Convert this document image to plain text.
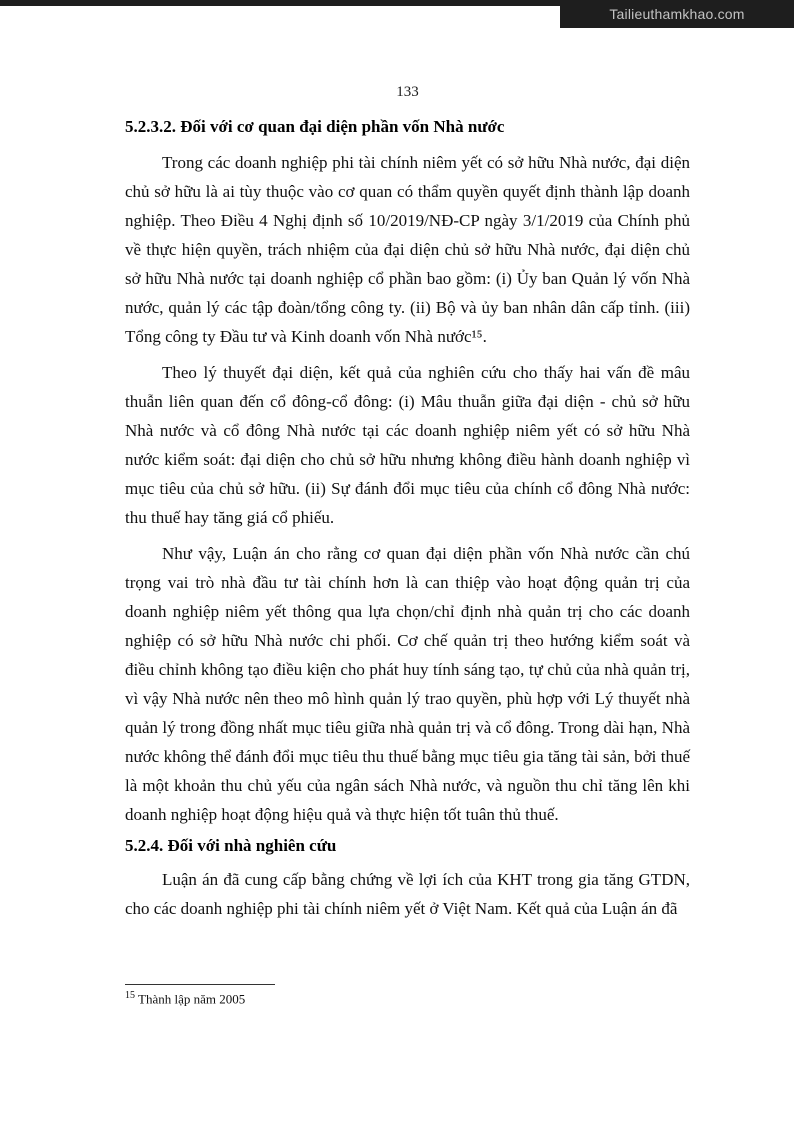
Tailieuthamkhao.com
133
5.2.3.2. Đối với cơ quan đại diện phần vốn Nhà nước

Trong các doanh nghiệp phi tài chính niêm yết có sở hữu Nhà nước, đại diện chủ sở hữu là ai tùy thuộc vào cơ quan có thẩm quyền quyết định thành lập doanh nghiệp. Theo Điều 4 Nghị định số 10/2019/NĐ-CP ngày 3/1/2019 của Chính phủ về thực hiện quyền, trách nhiệm của đại diện chủ sở hữu Nhà nước, đại diện chủ sở hữu Nhà nước tại doanh nghiệp cổ phần bao gồm: (i) Ủy ban Quản lý vốn Nhà nước, quản lý các tập đoàn/tổng công ty. (ii) Bộ và ủy ban nhân dân cấp tỉnh. (iii) Tổng công ty Đầu tư và Kinh doanh vốn Nhà nước¹⁵.

Theo lý thuyết đại diện, kết quả của nghiên cứu cho thấy hai vấn đề mâu thuẫn liên quan đến cổ đông-cổ đông: (i) Mâu thuẫn giữa đại diện - chủ sở hữu Nhà nước và cổ đông Nhà nước tại các doanh nghiệp niêm yết có sở hữu Nhà nước kiểm soát: đại diện cho chủ sở hữu nhưng không điều hành doanh nghiệp vì mục tiêu của chủ sở hữu. (ii) Sự đánh đổi mục tiêu của chính cổ đông Nhà nước: thu thuế hay tăng giá cổ phiếu.

Như vậy, Luận án cho rằng cơ quan đại diện phần vốn Nhà nước cần chú trọng vai trò nhà đầu tư tài chính hơn là can thiệp vào hoạt động quản trị của doanh nghiệp niêm yết thông qua lựa chọn/chỉ định nhà quản trị cho các doanh nghiệp có sở hữu Nhà nước chi phối. Cơ chế quản trị theo hướng kiểm soát và điều chỉnh không tạo điều kiện cho phát huy tính sáng tạo, tự chủ của nhà quản trị, vì vậy Nhà nước nên theo mô hình quản lý trao quyền, phù hợp với Lý thuyết nhà quản lý trong đồng nhất mục tiêu giữa nhà quản trị và cổ đông. Trong dài hạn, Nhà nước không thể đánh đổi mục tiêu thu thuế bằng mục tiêu gia tăng tài sản, bởi thuế là một khoản thu chủ yếu của ngân sách Nhà nước, và nguồn thu chỉ tăng lên khi doanh nghiệp hoạt động hiệu quả và thực hiện tốt tuân thủ thuế.

5.2.4. Đối với nhà nghiên cứu

Luận án đã cung cấp bằng chứng về lợi ích của KHT trong gia tăng GTDN, cho các doanh nghiệp phi tài chính niêm yết ở Việt Nam. Kết quả của Luận án đã

$^{15}$ Thành lập năm 2005
